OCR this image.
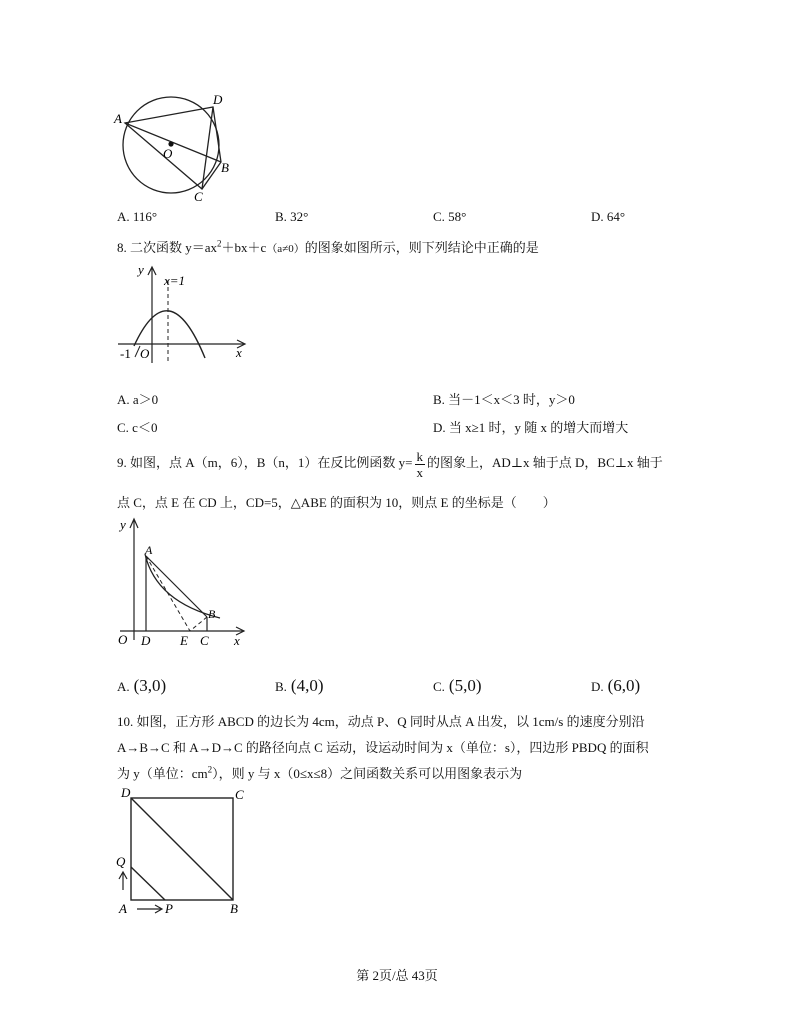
A
D
O
B
C
A. 116°	B. 32°	C. 58°	D. 64°
8. 二次函数 $y=ax^2+bx+c(a\ne 0)$的图象如图所示，则下列结论中正确的是
y
x=1
-1 O	x
A. a＞0	B. 当－1＜x＜3 时，y＞0
C. c＜0	D. 当 x≥1 时，y 随 x 的增大而增大
9. 如图，点 A（m，6），B（n，1）在反比例函数 $y= \frac{k}{x}$ 的图象上，AD⊥x 轴于点 D，BC⊥x 轴于
点 C，点 E 在 CD 上，CD=5，△ABE 的面积为 10，则点 E 的坐标是（　　）
y
A
B
O D E C x
A. (3,0)	B. (4,0)	C. (5,0)	D. (6,0)
10. 如图，正方形 ABCD 的边长为 4cm，动点 P、Q 同时从点 A 出发，以 1cm/s 的速度分别沿
A→B→C 和 A→D→C 的路径向点 C 运动，设运动时间为 x（单位：s），四边形 PBDQ 的面积
为 y（单位：$cm^2$），则 y 与 x（0≤x≤8）之间函数关系可以用图象表示为
D	C
Q
A	P	B
第 2页/总 43页
